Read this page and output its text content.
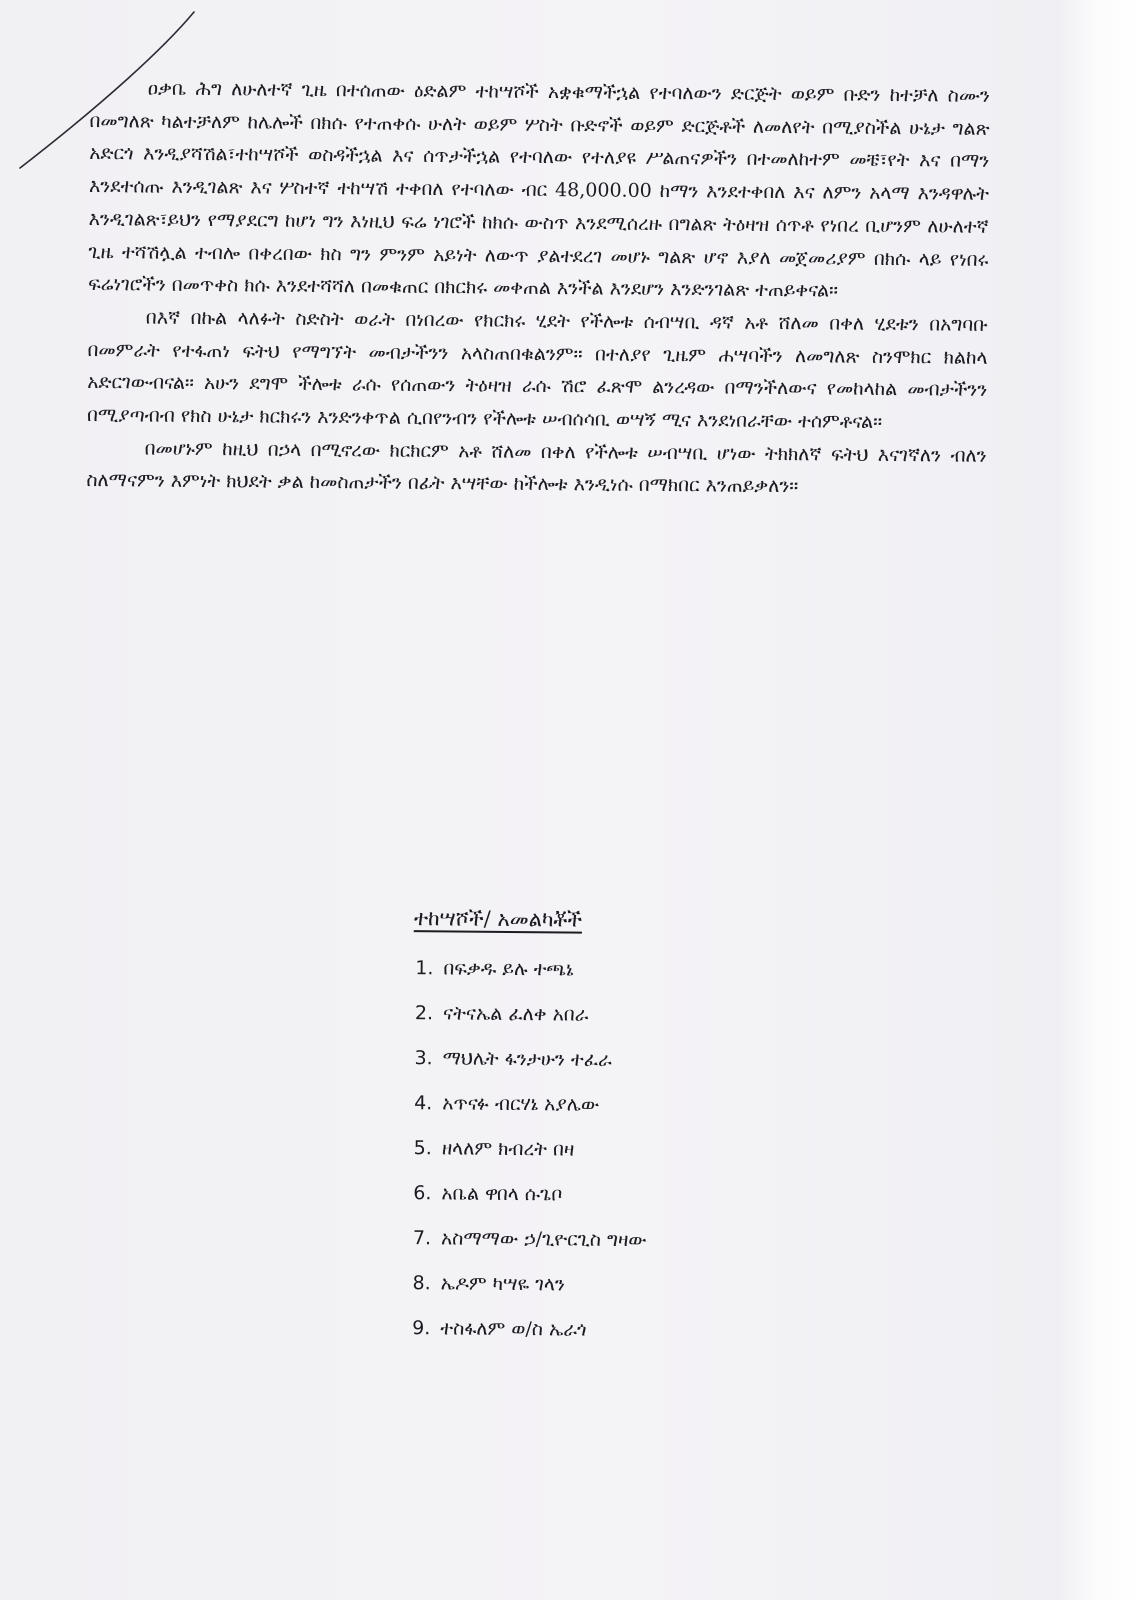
ዐቃቤ ሕግ ለሁለተኛ ጊዜ በተሰጠው ዕድልም ተከሣሾች አቋቁማችኋል የተባለውን ድርጅት ወይም ቡድን ከተቻለ ስሙን በመግለጽ ካልተቻለም ከሌሎች በክሱ የተጠቀሱ ሁለት ወይም ሦስት ቡድኖች ወይም ድርጅቶች ለመለየት በሚያስችል ሁኔታ ግልጽ አድርጎ እንዲያሻሽል፣ተከሣሾች ወስዳችኋል እና ሰጥታችኋል የተባለው የተለያዩ ሥልጠናዎችን በተመለከተም መቼ፣የት እና በማን እንደተሰጡ እንዲገልጽ እና ሦስተኛ ተከሣሽ ተቀበለ የተባለው ብር 48,000.00 ከማን እንደተቀበለ እና ለምን አላማ እንዳዋሉት እንዲገልጽ፣ይህን የማያደርግ ከሆነ ግን እነዚህ ፍሬ ነገሮች ከክሱ ውስጥ እንደሚሰረዙ በግልጽ ትዕዛዝ ሰጥቶ የነበረ ቢሆንም ለሁለተኛ ጊዜ ተሻሽሏል ተብሎ በቀረበው ክስ ግን ምንም አይነት ለውጥ ያልተደረገ መሆኑ ግልጽ ሆኖ እያለ መጀመሪያም በክሱ ላይ የነበሩ ፍሬነገሮችን በመጥቀስ ክሱ እንደተሻሻለ በመቁጠር በክርክሩ መቀጠል እንችል እንደሆን እንድንገልጽ ተጠይቀናል፡፡

በእኛ በኩል ላለፉት ስድስት ወራት በነበረው የክርክሩ ሂደት የችሎቱ ሰብሣቢ ዳኛ አቶ ሸለመ በቀለ ሂደቱን በአግባቡ በመምራት የተፋጠነ ፍትህ የማግኘት መብታችንን አላስጠበቁልንም፡፡ በተለያየ ጊዜም ሐሣባችን ለመግለጽ ስንሞክር ክልከላ አድርገውብናል፡፡ አሁን ደግሞ ችሎቱ ራሱ የሰጠውን ትዕዛዝ ራሱ ሽሮ ፈጽሞ ልንረዳው በማንችለውና የመከላከል መብታችንን በሚያጣብብ የክስ ሁኔታ ክርክሩን እንድንቀጥል ሲበየንብን የችሎቱ ሠብሰሳቢ ወሣኝ ሚና እንደነበራቸው ተሰምቶናል፡፡

በመሆኑም ከዚህ በኃላ በሚኖረው ክርክርም አቶ ሸለመ በቀለ የችሎቱ ሠብሣቢ ሆነው ትክክለኛ ፍትህ እናገኛለን ብለን ስለማናምን እምነት ክህደት ቃል ከመስጠታችን በፊት እሣቸው ከችሎቱ እንዲነሱ በማክበር እንጠይቃለን፡፡

ተከሣሾች/ አመልካቾች
1. በፍቃዱ ይሉ ተጫኔ
2. ናትናኤል ፈለቀ አበራ
3. ማህሌት ፋንታሁን ተፈራ
4. አጥናፉ ብርሃኔ አያሌው
5. ዘላለም ክብረት በዛ
6. አቤል ዋበላ ሱጌቦ
7. አስማማው ኃ/ጊዮርጊስ ግዛው
8. ኤዶም ካሣዬ ገላን
9. ተስፋለም ወ/ስ ኤራጎ
